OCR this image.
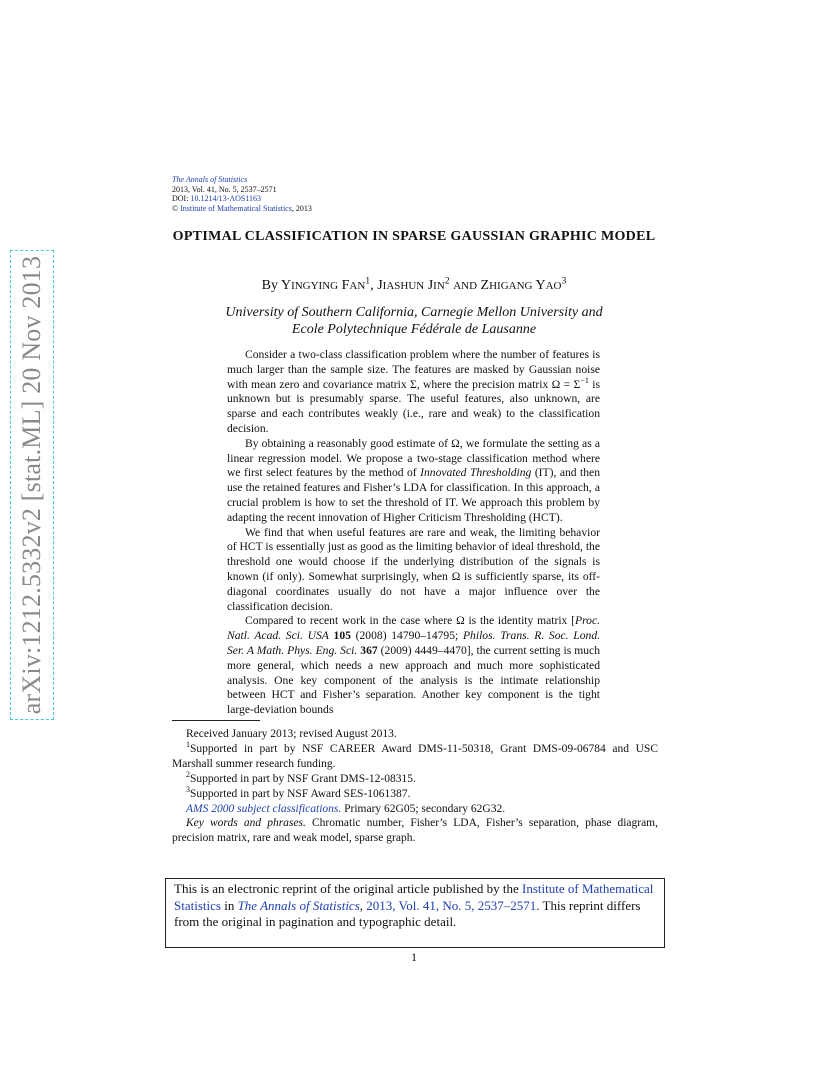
arXiv:1212.5332v2 [stat.ML] 20 Nov 2013
The Annals of Statistics
2013, Vol. 41, No. 5, 2537–2571
DOI: 10.1214/13-AOS1163
© Institute of Mathematical Statistics, 2013
OPTIMAL CLASSIFICATION IN SPARSE GAUSSIAN GRAPHIC MODEL
By YINGYING FAN$^1$, JIASHUN JIN$^2$ AND ZHIGANG YAO$^3$
University of Southern California, Carnegie Mellon University and
Ecole Polytechnique Fédérale de Lausanne

Consider a two-class classification problem where the number of features is much larger than the sample size. The features are masked by Gaussian noise with mean zero and covariance matrix Σ, where the precision matrix $\Omega = \Sigma^{-1}$ is unknown but is presumably sparse. The useful features, also unknown, are sparse and each contributes weakly (i.e., rare and weak) to the classification decision.

By obtaining a reasonably good estimate of Ω, we formulate the setting as a linear regression model. We propose a two-stage classification method where we first select features by the method of Innovated Thresholding (IT), and then use the retained features and Fisher’s LDA for classification. In this approach, a crucial problem is how to set the threshold of IT. We approach this problem by adapting the recent innovation of Higher Criticism Thresholding (HCT).

We find that when useful features are rare and weak, the limiting behavior of HCT is essentially just as good as the limiting behavior of ideal threshold, the threshold one would choose if the underlying distribution of the signals is known (if only). Somewhat surprisingly, when Ω is sufficiently sparse, its off-diagonal coordinates usually do not have a major influence over the classification decision.

Compared to recent work in the case where Ω is the identity matrix [Proc. Natl. Acad. Sci. USA 105 (2008) 14790–14795; Philos. Trans. R. Soc. Lond. Ser. A Math. Phys. Eng. Sci. 367 (2009) 4449–4470], the current setting is much more general, which needs a new approach and much more sophisticated analysis. One key component of the analysis is the intimate relationship between HCT and Fisher’s separation. Another key component is the tight large-deviation bounds

Received January 2013; revised August 2013.

$^1$Supported in part by NSF CAREER Award DMS-11-50318, Grant DMS-09-06784 and USC Marshall summer research funding.

$^2$Supported in part by NSF Grant DMS-12-08315.

$^3$Supported in part by NSF Award SES-1061387.

AMS 2000 subject classifications. Primary 62G05; secondary 62G32.

Key words and phrases. Chromatic number, Fisher’s LDA, Fisher’s separation, phase diagram, precision matrix, rare and weak model, sparse graph.

This is an electronic reprint of the original article published by the Institute of Mathematical Statistics in The Annals of Statistics, 2013, Vol. 41, No. 5, 2537–2571. This reprint differs from the original in pagination and typographic detail.
1
